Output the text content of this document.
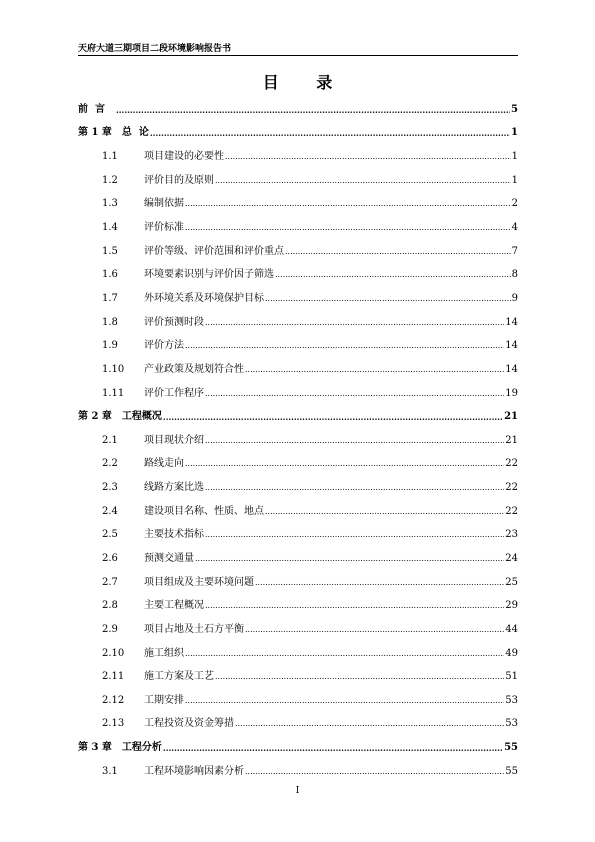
天府大道三期项目二段环境影响报告书
目 录
前  言 .....	5
第 1 章 总  论 .....	1
1.1	项目建设的必要性 .....	1
1.2	评价目的及原则 .....	1
1.3	编制依据 .....	2
1.4	评价标准 .....	4
1.5	评价等级、评价范围和评价重点 .....	7
1.6	环境要素识别与评价因子筛选 .....	8
1.7	外环境关系及环境保护目标 .....	9
1.8	评价预测时段 .....	14
1.9	评价方法 .....	14
1.10	产业政策及规划符合性 .....	14
1.11	评价工作程序 .....	19
第 2 章 工程概况 .....	21
2.1	项目现状介绍 .....	21
2.2	路线走向 .....	22
2.3	线路方案比选 .....	22
2.4	建设项目名称、性质、地点 .....	22
2.5	主要技术指标 .....	23
2.6	预测交通量 .....	24
2.7	项目组成及主要环境问题 .....	25
2.8	主要工程概况 .....	29
2.9	项目占地及土石方平衡 .....	44
2.10	施工组织 .....	49
2.11	施工方案及工艺 .....	51
2.12	工期安排 .....	53
2.13	工程投资及资金筹措 .....	53
第 3 章 工程分析 .....	55
3.1	工程环境影响因素分析 .....	55
I
